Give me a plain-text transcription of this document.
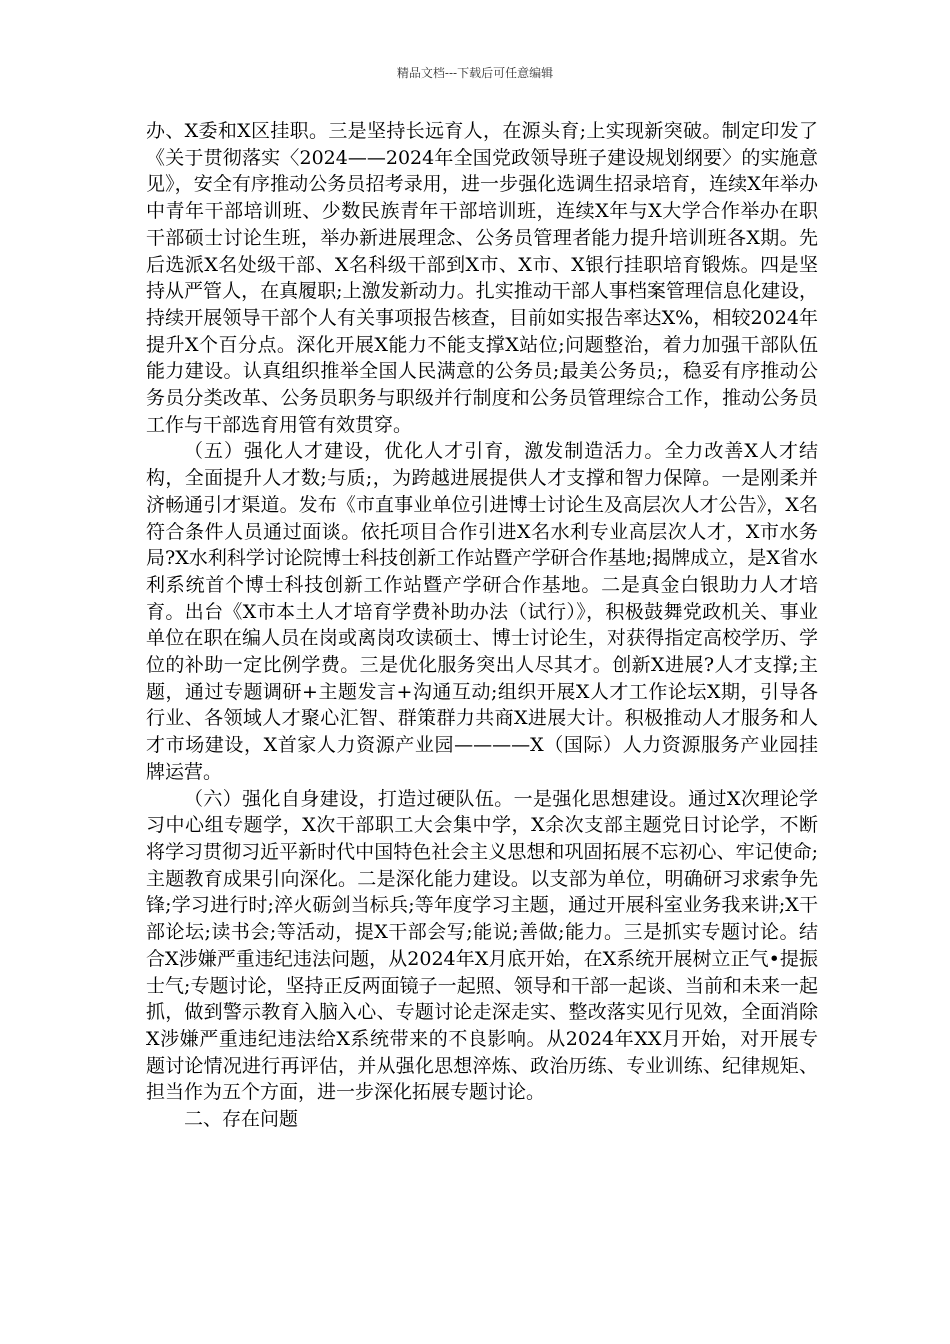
精品文档---下载后可任意编辑

办、X委和X区挂职。三是坚持长远育人，在源头育;上实现新突破。制定印发了《关于贯彻落实〈2024——2024年全国党政领导班子建设规划纲要〉的实施意见》，安全有序推动公务员招考录用，进一步强化选调生招录培育，连续X年举办中青年干部培训班、少数民族青年干部培训班，连续X年与X大学合作举办在职干部硕士讨论生班，举办新进展理念、公务员管理者能力提升培训班各X期。先后选派X名处级干部、X名科级干部到X市、X市、X银行挂职培育锻炼。四是坚持从严管人，在真履职;上激发新动力。扎实推动干部人事档案管理信息化建设，持续开展领导干部个人有关事项报告核查，目前如实报告率达X%，相较2024年提升X个百分点。深化开展X能力不能支撑X站位;问题整治，着力加强干部队伍能力建设。认真组织推举全国人民满意的公务员;最美公务员;，稳妥有序推动公务员分类改革、公务员职务与职级并行制度和公务员管理综合工作，推动公务员工作与干部选育用管有效贯穿。

（五）强化人才建设，优化人才引育，激发制造活力。全力改善X人才结构，全面提升人才数;与质;，为跨越进展提供人才支撑和智力保障。一是刚柔并济畅通引才渠道。发布《市直事业单位引进博士讨论生及高层次人才公告》，X名符合条件人员通过面谈。依托项目合作引进X名水利专业高层次人才，X市水务局?X水利科学讨论院博士科技创新工作站暨产学研合作基地;揭牌成立，是X省水利系统首个博士科技创新工作站暨产学研合作基地。二是真金白银助力人才培育。出台《X市本土人才培育学费补助办法（试行）》，积极鼓舞党政机关、事业单位在职在编人员在岗或离岗攻读硕士、博士讨论生，对获得指定高校学历、学位的补助一定比例学费。三是优化服务突出人尽其才。创新X进展?人才支撑;主题，通过专题调研+主题发言+沟通互动;组织开展X人才工作论坛X期，引导各行业、各领域人才聚心汇智、群策群力共商X进展大计。积极推动人才服务和人才市场建设，X首家人力资源产业园————X（国际）人力资源服务产业园挂牌运营。

（六）强化自身建设，打造过硬队伍。一是强化思想建设。通过X次理论学习中心组专题学，X次干部职工大会集中学，X余次支部主题党日讨论学，不断将学习贯彻习近平新时代中国特色社会主义思想和巩固拓展不忘初心、牢记使命;主题教育成果引向深化。二是深化能力建设。以支部为单位，明确研习求索争先锋;学习进行时;淬火砺剑当标兵;等年度学习主题，通过开展科室业务我来讲;X干部论坛;读书会;等活动，提X干部会写;能说;善做;能力。三是抓实专题讨论。结合X涉嫌严重违纪违法问题，从2024年X月底开始，在X系统开展树立正气•提振士气;专题讨论，坚持正反两面镜子一起照、领导和干部一起谈、当前和未来一起抓，做到警示教育入脑入心、专题讨论走深走实、整改落实见行见效，全面消除X涉嫌严重违纪违法给X系统带来的不良影响。从2024年XX月开始，对开展专题讨论情况进行再评估，并从强化思想淬炼、政治历练、专业训练、纪律规矩、担当作为五个方面，进一步深化拓展专题讨论。

二、存在问题
